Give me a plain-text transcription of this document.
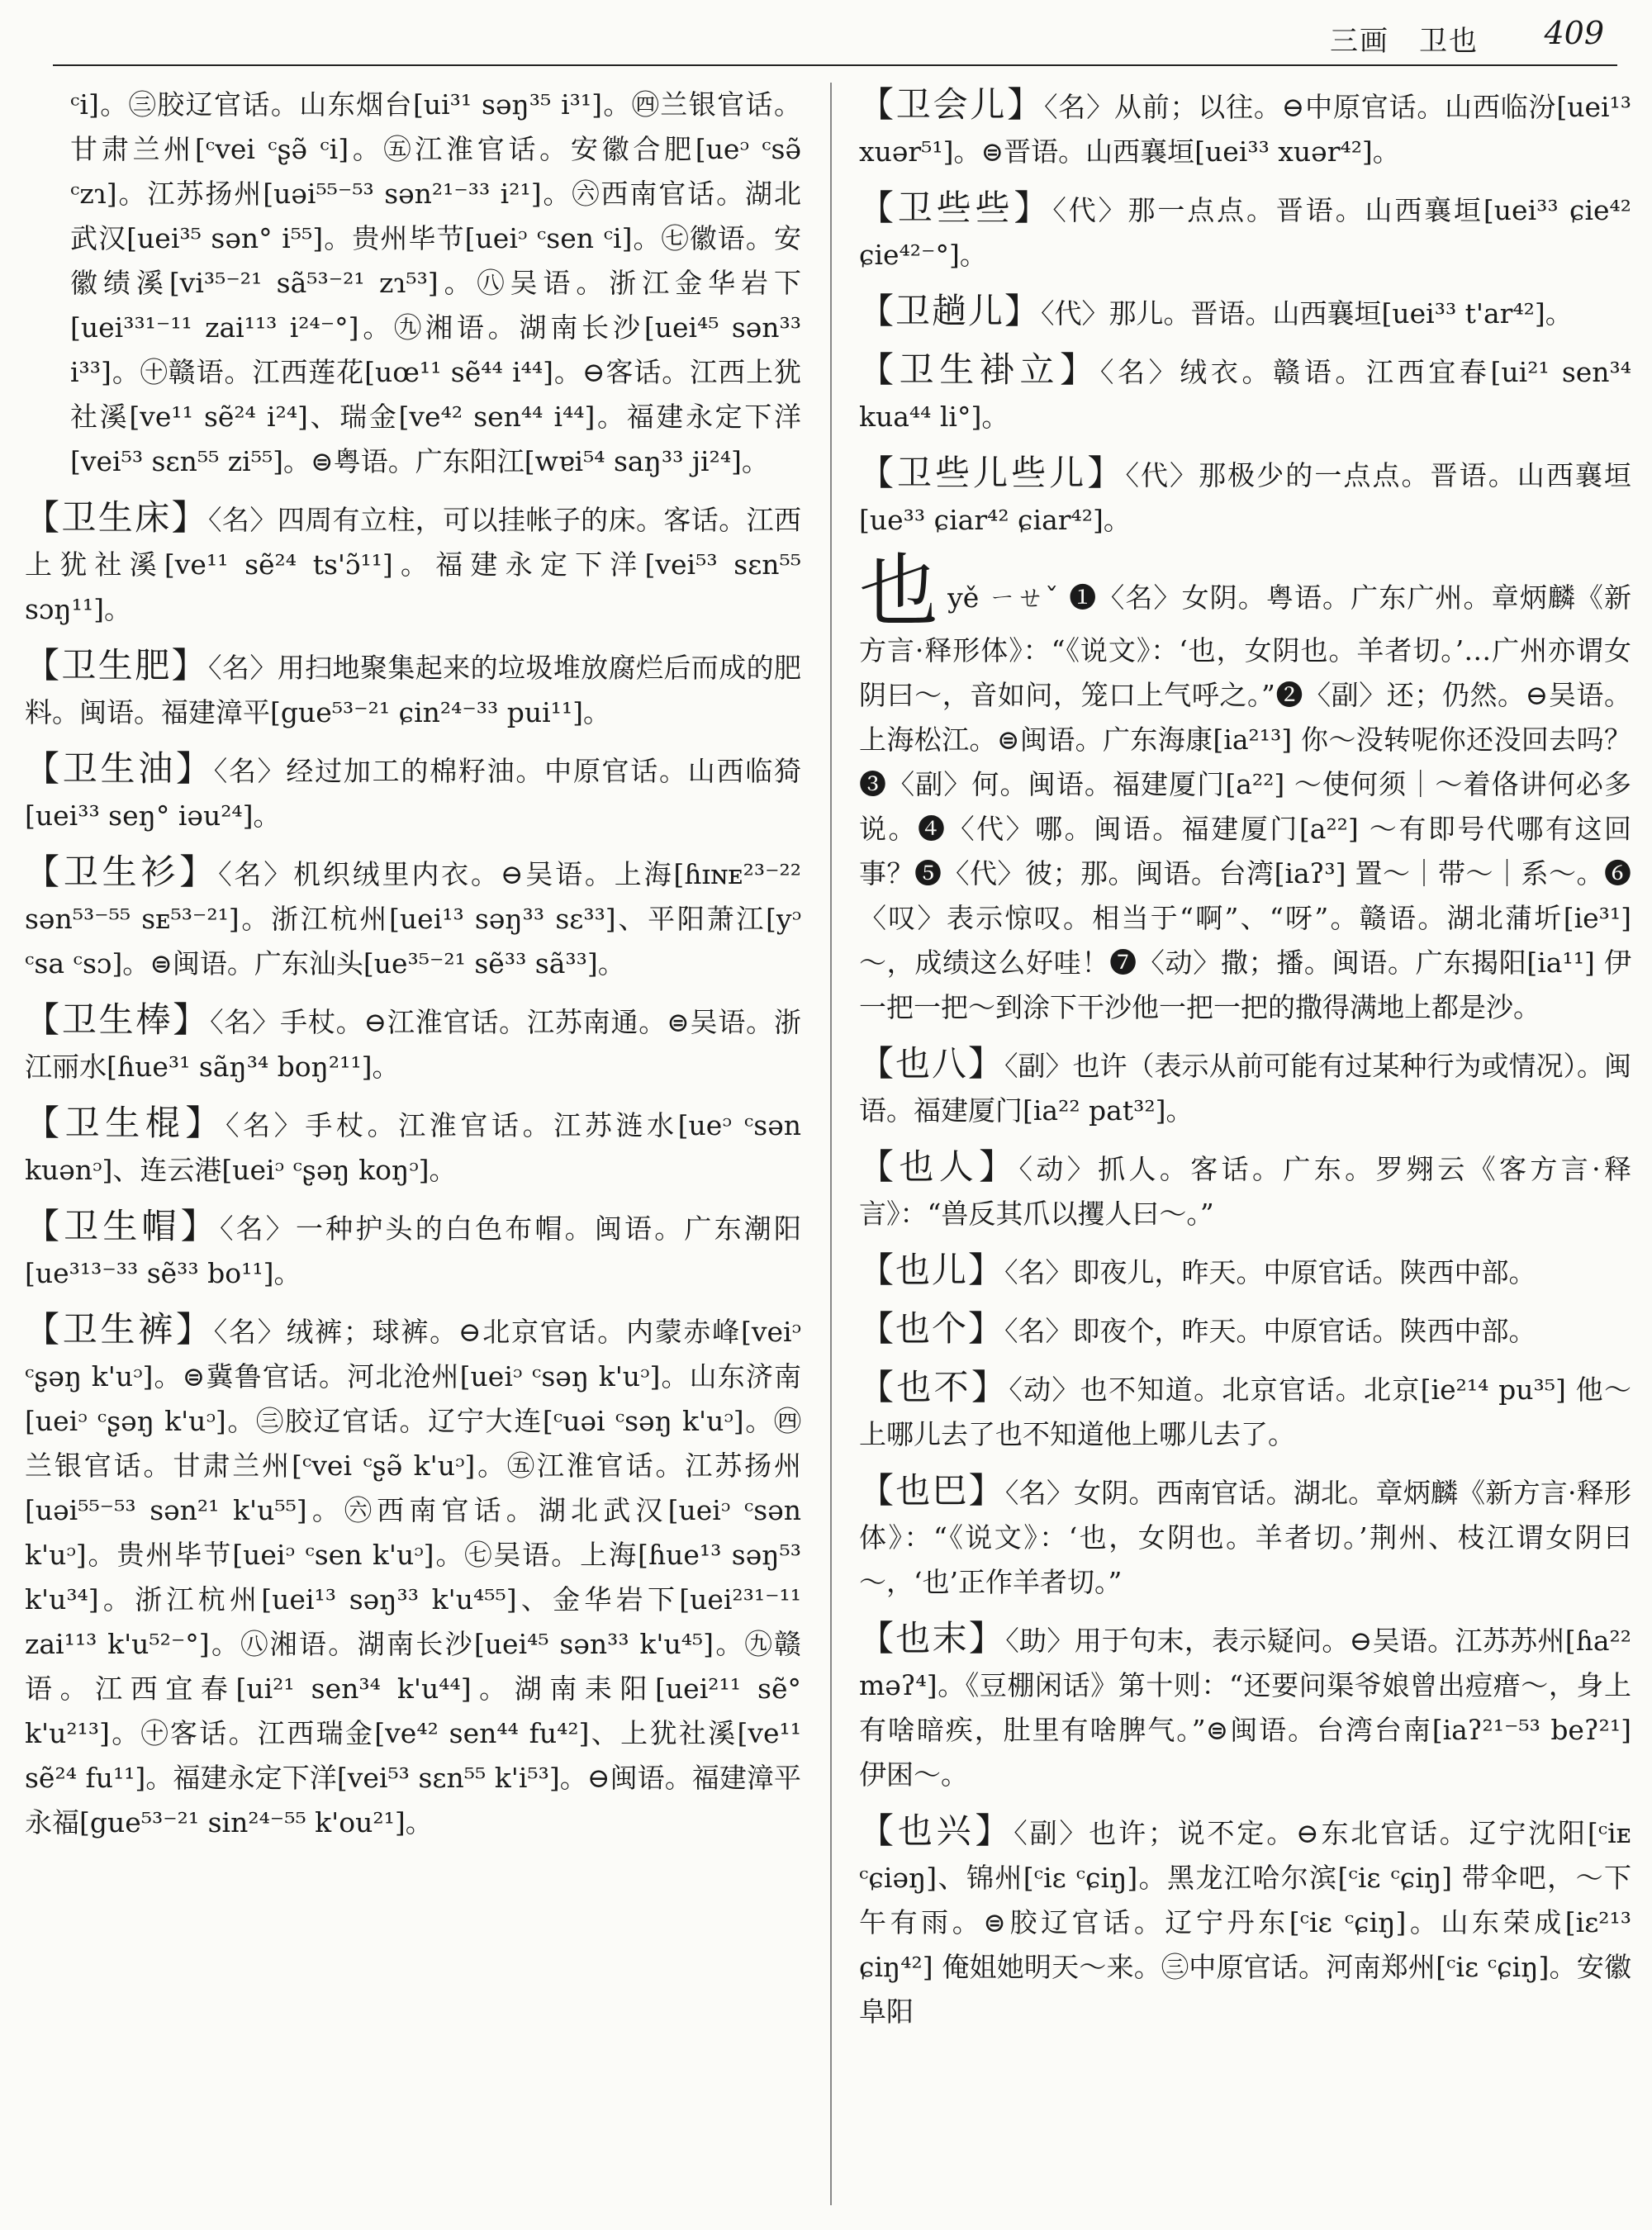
三画　卫也 409

ᶜi]。㊂胶辽官话。山东烟台[ui³¹ səŋ³⁵ i³¹]。㊃兰银官话。甘肃兰州[ᶜvei ᶜʂə̃ ᶜi]。㊄江淮官话。安徽合肥[ueᵓ ᶜsə̃ ᶜzɿ]。江苏扬州[uəi⁵⁵⁻⁵³ sən²¹⁻³³ i²¹]。㊅西南官话。湖北武汉[uei³⁵ sən° i⁵⁵]。贵州毕节[ueiᵓ ᶜsen ᶜi]。㊆徽语。安徽绩溪[vi³⁵⁻²¹ sã⁵³⁻²¹ zɿ⁵³]。㊇吴语。浙江金华岩下[uei³³¹⁻¹¹ zai¹¹³ i²⁴⁻°]。㊈湘语。湖南长沙[uei⁴⁵ sən³³ i³³]。㊉赣语。江西莲花[uœ¹¹ sẽ⁴⁴ i⁴⁴]。⊖客话。江西上犹社溪[ve¹¹ sẽ²⁴ i²⁴]、瑞金[ve⁴² sen⁴⁴ i⁴⁴]。福建永定下洋[vei⁵³ sɛn⁵⁵ zi⁵⁵]。⊜粤语。广东阳江[wɐi⁵⁴ saŋ³³ ji²⁴]。

【卫生床】〈名〉四周有立柱，可以挂帐子的床。客话。江西上犹社溪[ve¹¹ sẽ²⁴ ts'ɔ̃¹¹]。福建永定下洋[vei⁵³ sɛn⁵⁵ sɔŋ¹¹]。

【卫生肥】〈名〉用扫地聚集起来的垃圾堆放腐烂后而成的肥料。闽语。福建漳平[gue⁵³⁻²¹ ɕin²⁴⁻³³ pui¹¹]。

【卫生油】〈名〉经过加工的棉籽油。中原官话。山西临猗[uei³³ seŋ° iəu²⁴]。

【卫生衫】〈名〉机织绒里内衣。⊖吴语。上海[ɦɪɴᴇ²³⁻²² sən⁵³⁻⁵⁵ sᴇ⁵³⁻²¹]。浙江杭州[uei¹³ səŋ³³ sɛ³³]、平阳萧江[yᵓ ᶜsa ᶜsɔ]。⊜闽语。广东汕头[ue³⁵⁻²¹ sẽ³³ sã³³]。

【卫生棒】〈名〉手杖。⊖江淮官话。江苏南通。⊜吴语。浙江丽水[ɦue³¹ sãŋ³⁴ boŋ²¹¹]。

【卫生棍】〈名〉手杖。江淮官话。江苏涟水[ueᵓ ᶜsən kuənᵓ]、连云港[ueiᵓ ᶜʂəŋ koŋᵓ]。

【卫生帽】〈名〉一种护头的白色布帽。闽语。广东潮阳[ue³¹³⁻³³ sẽ³³ bo¹¹]。

【卫生裤】〈名〉绒裤；球裤。⊖北京官话。内蒙赤峰[veiᵓ ᶜʂəŋ k'uᵓ]。⊜冀鲁官话。河北沧州[ueiᵓ ᶜsəŋ k'uᵓ]。山东济南[ueiᵓ ᶜʂəŋ k'uᵓ]。㊂胶辽官话。辽宁大连[ᶜuəi ᶜsəŋ k'uᵓ]。㊃兰银官话。甘肃兰州[ᶜvei ᶜʂə̃ k'uᵓ]。㊄江淮官话。江苏扬州[uəi⁵⁵⁻⁵³ sən²¹ k'u⁵⁵]。㊅西南官话。湖北武汉[ueiᵓ ᶜsən k'uᵓ]。贵州毕节[ueiᵓ ᶜsen k'uᵓ]。㊆吴语。上海[ɦue¹³ səŋ⁵³ k'u³⁴]。浙江杭州[uei¹³ səŋ³³ k'u⁴⁵⁵]、金华岩下[uei²³¹⁻¹¹ zai¹¹³ k'u⁵²⁻°]。㊇湘语。湖南长沙[uei⁴⁵ sən³³ k'u⁴⁵]。㊈赣语。江西宜春[ui²¹ sen³⁴ k'u⁴⁴]。湖南耒阳[uei²¹¹ sẽ° k'u²¹³]。㊉客话。江西瑞金[ve⁴² sen⁴⁴ fu⁴²]、上犹社溪[ve¹¹ sẽ²⁴ fu¹¹]。福建永定下洋[vei⁵³ sɛn⁵⁵ k'i⁵³]。⊖闽语。福建漳平永福[gue⁵³⁻²¹ sin²⁴⁻⁵⁵ k'ou²¹]。

【卫会儿】〈名〉从前；以往。⊖中原官话。山西临汾[uei¹³ xuər⁵¹]。⊜晋语。山西襄垣[uei³³ xuər⁴²]。

【卫些些】〈代〉那一点点。晋语。山西襄垣[uei³³ ɕie⁴² ɕie⁴²⁻°]。

【卫趟儿】〈代〉那儿。晋语。山西襄垣[uei³³ t'ar⁴²]。

【卫生褂立】〈名〉绒衣。赣语。江西宜春[ui²¹ sen³⁴ kua⁴⁴ li°]。

【卫些儿些儿】〈代〉那极少的一点点。晋语。山西襄垣[ue³³ ɕiar⁴² ɕiar⁴²]。

也yě ㄧㄝˇ ❶〈名〉女阴。粤语。广东广州。章炳麟《新方言·释形体》：“《说文》：‘也，女阴也。羊者切。’…广州亦谓女阴曰～，音如问，笼口上气呼之。”❷〈副〉还；仍然。⊖吴语。上海松江。⊜闽语。广东海康[ia²¹³] 你～没转呢你还没回去吗？❸〈副〉何。闽语。福建厦门[a²²] ～使何须｜～着佫讲何必多说。❹〈代〉哪。闽语。福建厦门[a²²] ～有即号代哪有这回事？❺〈代〉彼；那。闽语。台湾[iaʔ³] 置～｜带～｜系～。❻〈叹〉表示惊叹。相当于“啊”、“呀”。赣语。湖北蒲圻[ie³¹] ～，成绩这么好哇！❼〈动〉撒；播。闽语。广东揭阳[ia¹¹] 伊一把一把～到涂下干沙他一把一把的撒得满地上都是沙。

【也八】〈副〉也许（表示从前可能有过某种行为或情况）。闽语。福建厦门[ia²² pat³²]。

【也人】〈动〉抓人。客话。广东。罗翙云《客方言·释言》：“兽反其爪以攫人曰～。”

【也儿】〈名〉即夜儿，昨天。中原官话。陕西中部。

【也个】〈名〉即夜个，昨天。中原官话。陕西中部。

【也不】〈动〉也不知道。北京官话。北京[ie²¹⁴ pu³⁵] 他～上哪儿去了也不知道他上哪儿去了。

【也巴】〈名〉女阴。西南官话。湖北。章炳麟《新方言·释形体》：“《说文》：‘也，女阴也。羊者切。’荆州、枝江谓女阴曰～，‘也’正作羊者切。”

【也末】〈助〉用于句末，表示疑问。⊖吴语。江苏苏州[ɦa²² məʔ⁴]。《豆棚闲话》第十则：“还要问渠爷娘曾出痘瘄～，身上有啥暗疾，肚里有啥脾气。”⊜闽语。台湾台南[iaʔ²¹⁻⁵³ beʔ²¹] 伊困～。

【也兴】〈副〉也许；说不定。⊖东北官话。辽宁沈阳[ᶜiᴇ ᶜɕiəŋ]、锦州[ᶜiɛ ᶜɕiŋ]。黑龙江哈尔滨[ᶜiɛ ᶜɕiŋ] 带伞吧，～下午有雨。⊜胶辽官话。辽宁丹东[ᶜiɛ ᶜɕiŋ]。山东荣成[iɛ²¹³ ɕiŋ⁴²] 俺姐她明天～来。㊂中原官话。河南郑州[ᶜiɛ ᶜɕiŋ]。安徽阜阳
